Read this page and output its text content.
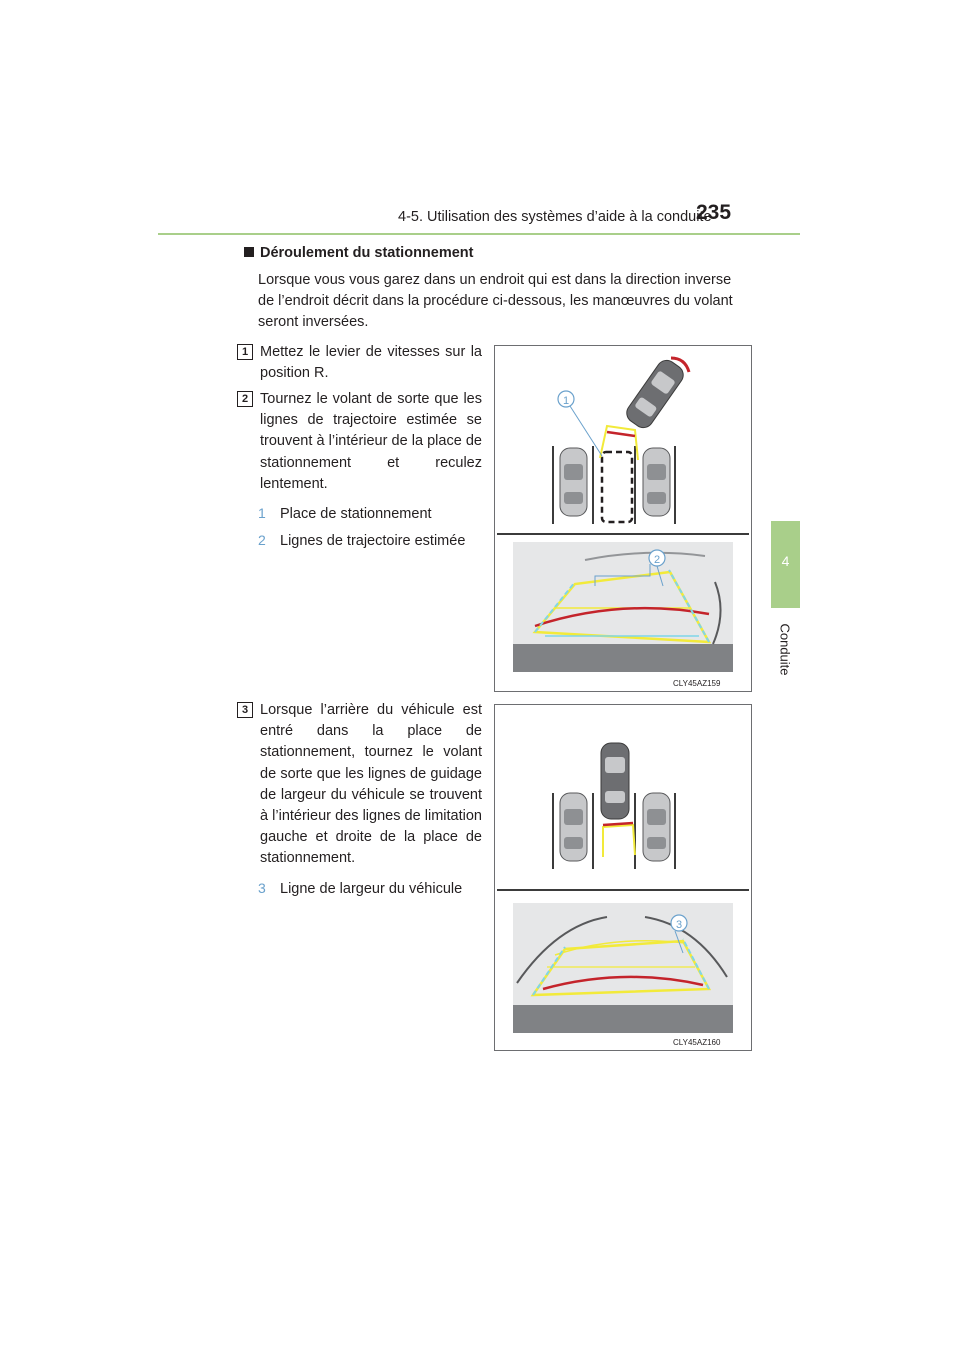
4-5. Utilisation des systèmes d’aide à la conduite
235
4
Conduite
Déroulement du stationnement
Lorsque vous vous garez dans un endroit qui est dans la direction inverse de l’endroit décrit dans la procédure ci-dessous, les manœuvres du volant seront inversées.
1 Mettez le levier de vitesses sur la position R.
2 Tournez le volant de sorte que les lignes de trajectoire estimée se trouvent à l’intérieur de la place de stationnement et reculez lentement.
1 Place de stationnement
2 Lignes de trajectoire estimée
3 Lorsque l’arrière du véhicule est entré dans la place de stationnement, tournez le volant de sorte que les lignes de guidage de largeur du véhicule se trouvent à l’intérieur des lignes de limitation gauche et droite de la place de stationnement.
3 Ligne de largeur du véhicule
1
2
CLY45AZ159
3
CLY45AZ160
